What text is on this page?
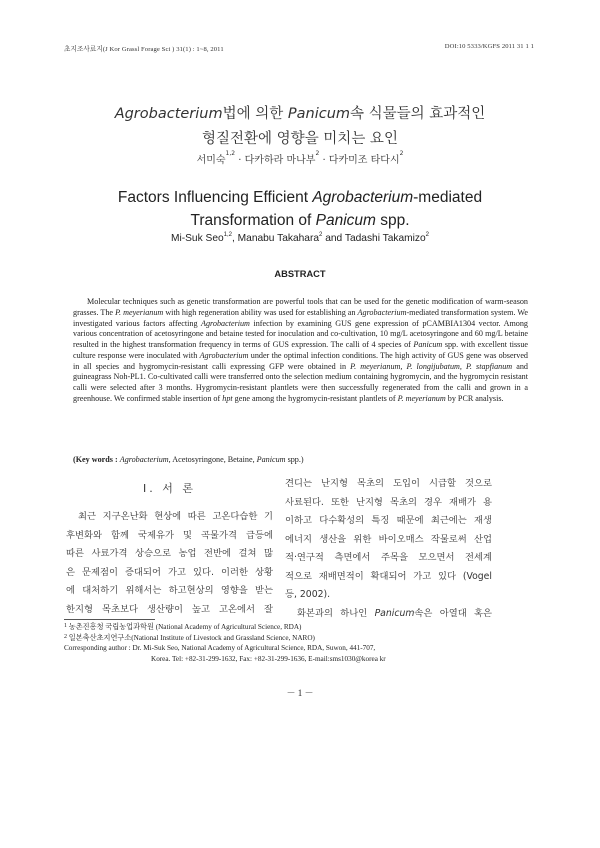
초지조사료지(J Kor Grassl Forage Sci ) 31(1) : 1~8, 2011	DOI:10 5333/KGFS 2011 31 1 1
Agrobacterium법에 의한 Panicum속 식물들의 효과적인
형질전환에 영향을 미치는 요인
서미숙$^{1,2}$ · 다카하라 마나부$^2$ · 다카미조 타다시$^2$
Factors Influencing Efficient Agrobacterium-mediated
Transformation of Panicum spp.
Mi-Suk Seo$^{1,2}$, Manabu Takahara$^2$ and Tadashi Takamizo$^2$
ABSTRACT

Molecular techniques such as genetic transformation are powerful tools that can be used for the genetic modification of warm-season grasses. The P. meyerianum with high regeneration ability was used for establishing an Agrobacterium-mediated transformation system. We investigated various factors affecting Agrobacterium infection by examining GUS gene expression of pCAMBIA1304 vector. Among various concentration of acetosyringone and betaine tested for inoculation and co-cultivation, 10 mg/L acetosyringone and 60 mg/L betaine resulted in the highest transformation frequency in terms of GUS expression. The calli of 4 species of Panicum spp. with excellent tissue culture response were inoculated with Agrobacterium under the optimal infection conditions. The high activity of GUS gene was observed in all species and hygromycin-resistant calli expressing GFP were obtained in P. meyerianum, P. longijubatum, P. stapfianum and guineagrass Noh-PL1. Co-cultivated calli were transferred onto the selection medium containing hygromycin, and the hygromycin resistant calli were selected after 3 months. Hygromycin-resistant plantlets were then successfully regenerated from the calli and grown in a greenhouse. We confirmed stable insertion of hpt gene among the hygromycin-resistant plantlets of P. meyerianum by PCR analysis.

(Key words : Agrobacterium, Acetosyringone, Betaine, Panicum spp.)

Ⅰ. 서 론
최근 지구온난화 현상에 따른 고온다습한 기
후변화와 함께 국제유가 및 곡물가격 급등에
따른 사료가격 상승으로 농업 전반에 걸쳐 많
은 문제점이 증대되어 가고 있다. 이러한 상황
에 대처하기 위해서는 하고현상의 영향을 받는
한지형 목초보다 생산량이 높고 고온에서 잘
견디는 난지형 목초의 도입이 시급할 것으로
사료된다. 또한 난지형 목초의 경우 재배가 용
이하고 다수확성의 특징 때문에 최근에는 재생
에너지 생산을 위한 바이오매스 작물로써 산업
적·연구적 측면에서 주목을 모으면서 전세계
적으로 재배면적이 확대되어 가고 있다 (Vogel
등, 2002).
화본과의 하나인 Panicum속은 아열대 혹은
$^1$ 농촌진흥청 국립농업과학원 (National Academy of Agricultural Science, RDA)
$^2$ 일본축산초지연구소(National Institute of Livestock and Grassland Science, NARO)
Corresponding author : Dr. Mi-Suk Seo, National Academy of Agricultural Science, RDA, Suwon, 441-707,
Korea. Tel: +82-31-299-1632, Fax: +82-31-299-1636, E-mail:sms1030@korea kr
－ 1 －
